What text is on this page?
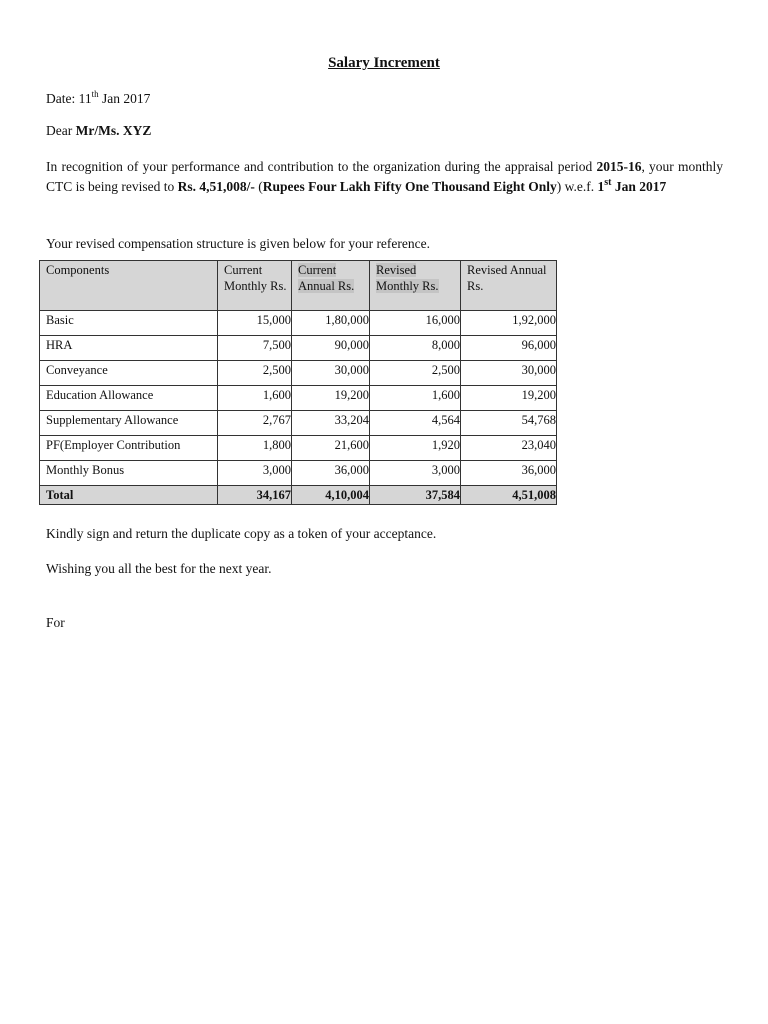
Salary Increment
Date: 11th Jan 2017
Dear Mr/Ms. XYZ
In recognition of your performance and contribution to the organization during the appraisal period 2015-16, your monthly CTC is being revised to Rs. 4,51,008/- (Rupees Four Lakh Fifty One Thousand Eight Only) w.e.f. 1st Jan 2017
Your revised compensation structure is given below for your reference.
Components	Current Monthly Rs.	Current Annual Rs.	Revised Monthly Rs.	Revised Annual Rs.
Basic	15,000	1,80,000	16,000	1,92,000
HRA	7,500	90,000	8,000	96,000
Conveyance	2,500	30,000	2,500	30,000
Education Allowance	1,600	19,200	1,600	19,200
Supplementary Allowance	2,767	33,204	4,564	54,768
PF(Employer Contribution	1,800	21,600	1,920	23,040
Monthly Bonus	3,000	36,000	3,000	36,000
Total	34,167	4,10,004	37,584	4,51,008
Kindly sign and return the duplicate copy as a token of your acceptance.
Wishing you all the best for the next year.
For
